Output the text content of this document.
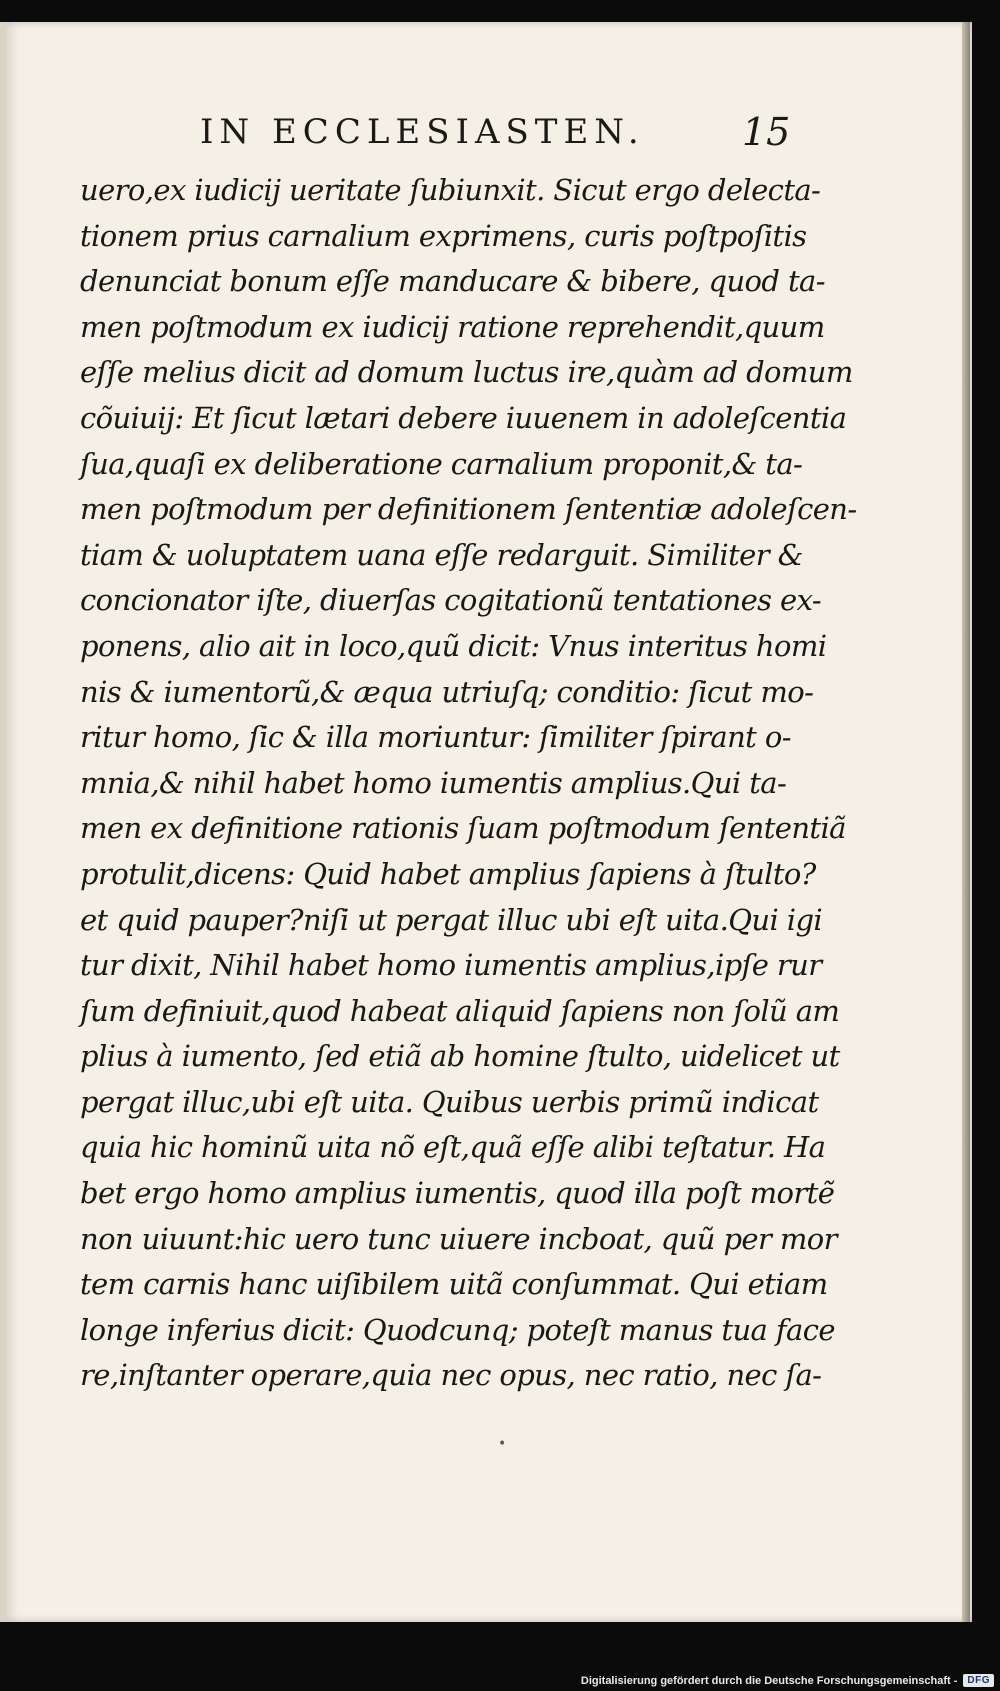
IN ECCLESIASTEN.	15
uero,ex iudicij ueritate ſubiunxit. Sicut ergo delecta-
tionem prius carnalium exprimens, curis poſtpoſitis
denunciat bonum eſſe manducare & bibere, quod ta-
men poſtmodum ex iudicij ratione reprehendit,quum
eſſe melius dicit ad domum luctus ire,quàm ad domum
cõuiuij: Et ſicut lætari debere iuuenem in adoleſcentia
ſua,quaſi ex deliberatione carnalium proponit,& ta-
men poſtmodum per definitionem ſententiæ adoleſcen-
tiam & uoluptatem uana eſſe redarguit. Similiter &
concionator iſte, diuerſas cogitationũ tentationes ex-
ponens, alio ait in loco,quũ dicit: Vnus interitus homi
nis & iumentorũ,& æqua utriuſq; conditio: ſicut mo-
ritur homo, ſic & illa moriuntur: ſimiliter ſpirant o-
mnia,& nihil habet homo iumentis amplius.Qui ta-
men ex definitione rationis ſuam poſtmodum ſententiã
protulit,dicens: Quid habet amplius ſapiens à ſtulto?
et quid pauper?niſi ut pergat illuc ubi eſt uita.Qui igi
tur dixit, Nihil habet homo iumentis amplius,ipſe rur
ſum definiuit,quod habeat aliquid ſapiens non ſolũ am
plius à iumento, ſed etiã ab homine ſtulto, uidelicet ut
pergat illuc,ubi eſt uita. Quibus uerbis primũ indicat
quia hic hominũ uita nõ eſt,quã eſſe alibi teſtatur. Ha
bet ergo homo amplius iumentis, quod illa poſt mortẽ
non uiuunt:hic uero tunc uiuere incboat, quũ per mor
tem carnis hanc uiſibilem uitã conſummat. Qui etiam
longe inferius dicit: Quodcunq; poteſt manus tua face
re,inſtanter operare,quia nec opus, nec ratio, nec ſa-
•
Digitalisierung gefördert durch die Deutsche Forschungsgemeinschaft -	DFG
